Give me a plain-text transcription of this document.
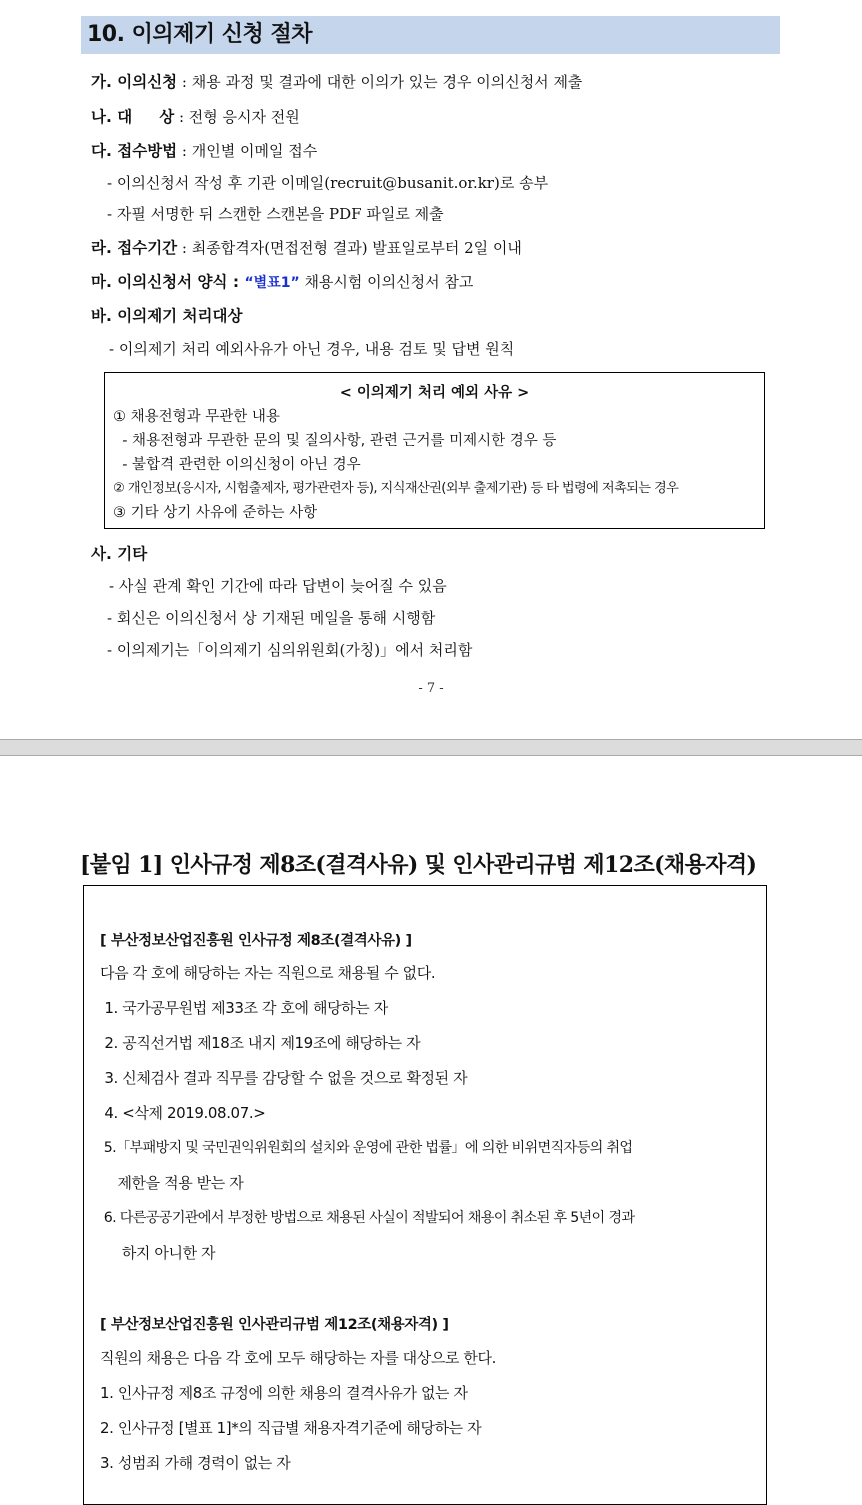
10. 이의제기 신청 절차
가. 이의신청 : 채용 과정 및 결과에 대한 이의가 있는 경우 이의신청서 제출
나. 대     상 : 전형 응시자 전원
다. 접수방법 : 개인별 이메일 접수
- 이의신청서 작성 후 기관 이메일(recruit@busanit.or.kr)로 송부
- 자필 서명한 뒤 스캔한 스캔본을 PDF 파일로 제출
라. 접수기간 : 최종합격자(면접전형 결과) 발표일로부터 2일 이내
마. 이의신청서 양식 : “별표1” 채용시험 이의신청서 참고
바. 이의제기 처리대상
- 이의제기 처리 예외사유가 아닌 경우, 내용 검토 및 답변 원칙
< 이의제기 처리 예외 사유 >
① 채용전형과 무관한 내용
- 채용전형과 무관한 문의 및 질의사항, 관련 근거를 미제시한 경우 등
- 불합격 관련한 이의신청이 아닌 경우
② 개인정보(응시자, 시험출제자, 평가관련자 등), 지식재산권(외부 출제기관) 등 타 법령에 저촉되는 경우
③ 기타 상기 사유에 준하는 사항
사. 기타
- 사실 관계 확인 기간에 따라 답변이 늦어질 수 있음
- 회신은 이의신청서 상 기재된 메일을 통해 시행함
- 이의제기는「이의제기 심의위원회(가칭)」에서 처리함
- 7 -
[붙임 1] 인사규정 제8조(결격사유) 및 인사관리규범 제12조(채용자격)
[ 부산정보산업진흥원 인사규정 제8조(결격사유) ]
다음 각 호에 해당하는 자는 직원으로 채용될 수 없다.
1. 국가공무원법 제33조 각 호에 해당하는 자
2. 공직선거법 제18조 내지 제19조에 해당하는 자
3. 신체검사 결과 직무를 감당할 수 없을 것으로 확정된 자
4. <삭제 2019.08.07.>
5.「부패방지 및 국민권익위원회의 설치와 운영에 관한 법률」에 의한 비위면직자등의 취업
제한을 적용 받는 자
6. 다른공공기관에서 부정한 방법으로 채용된 사실이 적발되어 채용이 취소된 후 5년이 경과
하지 아니한 자
[ 부산정보산업진흥원 인사관리규범 제12조(채용자격) ]
직원의 채용은 다음 각 호에 모두 해당하는 자를 대상으로 한다.
1. 인사규정 제8조 규정에 의한 채용의 결격사유가 없는 자
2. 인사규정 [별표 1]*의 직급별 채용자격기준에 해당하는 자
3. 성범죄 가해 경력이 없는 자
